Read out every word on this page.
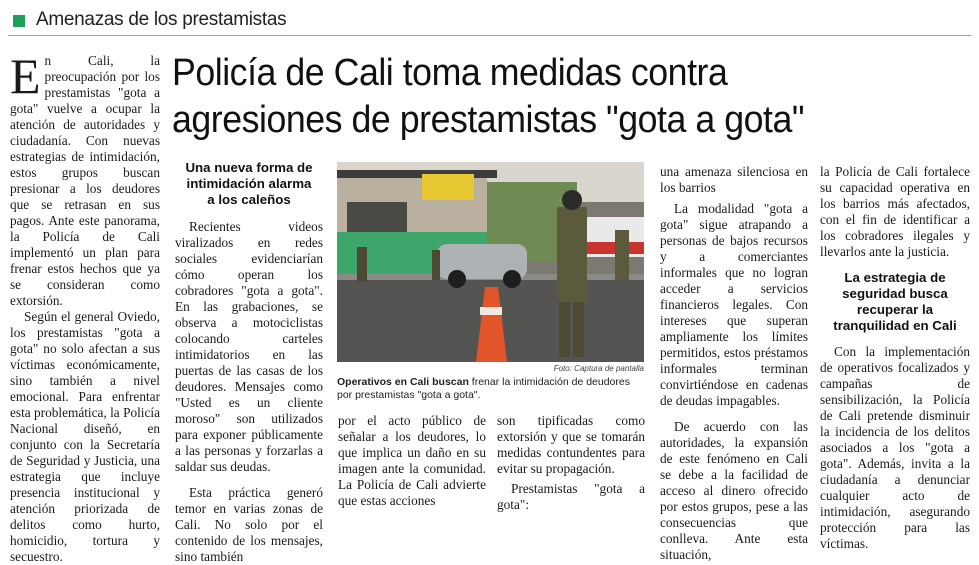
Amenazas de los prestamistas

En Cali, la preocupación por los prestamistas "gota a gota" vuelve a ocupar la atención de autoridades y ciudadanía. Con nuevas estrategias de intimidación, estos grupos buscan presionar a los deudores que se retrasan en sus pagos. Ante este panorama, la Policía de Cali implementó un plan para frenar estos hechos que ya se consideran como extorsión.

Según el general Oviedo, los prestamistas "gota a gota" no solo afectan a sus víctimas económicamente, sino también a nivel emocional. Para enfrentar esta problemática, la Policía Nacional diseñó, en conjunto con la Secretaría de Seguridad y Justicia, una estrategia que incluye presencia institucional y atención priorizada de delitos como hurto, homicidio, tortura y secuestro.

Policía de Cali toma medidas contra
agresiones de prestamistas "gota a gota"
Una nueva forma de intimidación alarma a los caleños

Recientes videos viralizados en redes sociales evidenciarían cómo operan los cobradores "gota a gota". En las grabaciones, se observa a motociclistas colocando carteles intimidatorios en las puertas de las casas de los deudores. Mensajes como "Usted es un cliente moroso" son utilizados para exponer públicamente a las personas y forzarlas a saldar sus deudas.

Esta práctica generó temor en varias zonas de Cali. No solo por el contenido de los mensajes, sino también

Foto: Captura de pantalla
Operativos en Cali buscan frenar la intimidación de deudores por prestamistas "gota a gota".

por el acto público de señalar a los deudores, lo que implica un daño en su imagen ante la comunidad. La Policía de Cali advierte que estas acciones

son tipificadas como extorsión y que se tomarán medidas contundentes para evitar su propagación.

Prestamistas "gota a gota":

una amenaza silenciosa en los barrios

La modalidad "gota a gota" sigue atrapando a personas de bajos recursos y a comerciantes informales que no logran acceder a servicios financieros legales. Con intereses que superan ampliamente los límites permitidos, estos préstamos informales terminan convirtiéndose en cadenas de deudas impagables.

De acuerdo con las autoridades, la expansión de este fenómeno en Cali se debe a la facilidad de acceso al dinero ofrecido por estos grupos, pese a las consecuencias que conlleva. Ante esta situación,

la Policía de Cali fortalece su capacidad operativa en los barrios más afectados, con el fin de identificar a los cobradores ilegales y llevarlos ante la justicia.

La estrategia de seguridad busca recuperar la tranquilidad en Cali

Con la implementación de operativos focalizados y campañas de sensibilización, la Policía de Cali pretende disminuir la incidencia de los delitos asociados a los "gota a gota". Además, invita a la ciudadanía a denunciar cualquier acto de intimidación, asegurando protección para las víctimas.
